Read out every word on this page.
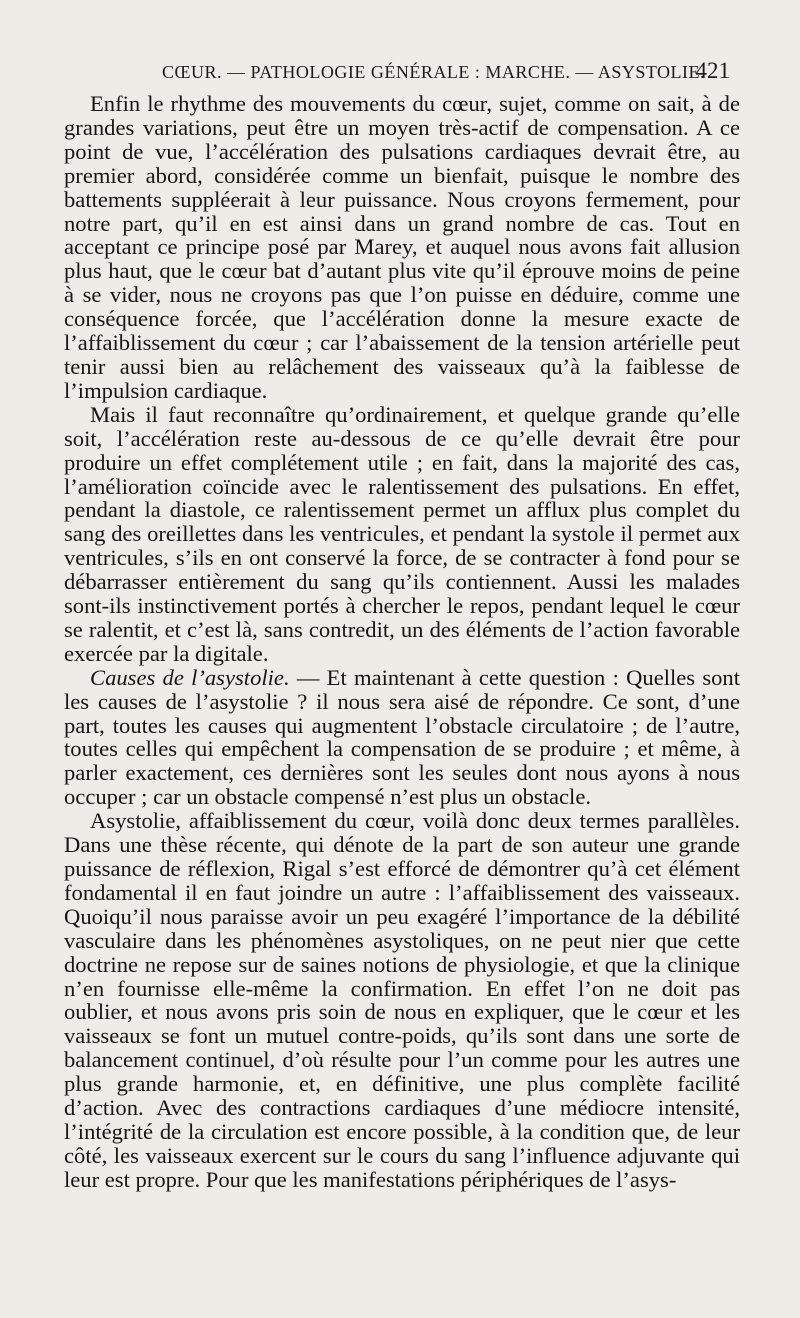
CŒUR. — PATHOLOGIE GÉNÉRALE : MARCHE. — ASYSTOLIE.
421

Enfin le rhythme des mouvements du cœur, sujet, comme on sait, à de grandes variations, peut être un moyen très-actif de compensation. A ce point de vue, l’accélération des pulsations cardiaques devrait être, au premier abord, considérée comme un bienfait, puisque le nombre des battements suppléerait à leur puissance. Nous croyons fermement, pour notre part, qu’il en est ainsi dans un grand nombre de cas. Tout en acceptant ce principe posé par Marey, et auquel nous avons fait allusion plus haut, que le cœur bat d’autant plus vite qu’il éprouve moins de peine à se vider, nous ne croyons pas que l’on puisse en déduire, comme une conséquence forcée, que l’accélération donne la mesure exacte de l’affaiblissement du cœur ; car l’abaissement de la tension artérielle peut tenir aussi bien au relâchement des vaisseaux qu’à la faiblesse de l’impulsion cardiaque.

Mais il faut reconnaître qu’ordinairement, et quelque grande qu’elle soit, l’accélération reste au-dessous de ce qu’elle devrait être pour produire un effet complétement utile ; en fait, dans la majorité des cas, l’amélioration coïncide avec le ralentissement des pulsations. En effet, pendant la diastole, ce ralentissement permet un afflux plus complet du sang des oreillettes dans les ventricules, et pendant la systole il permet aux ventricules, s’ils en ont conservé la force, de se contracter à fond pour se débarrasser entièrement du sang qu’ils contiennent. Aussi les malades sont-ils instinctivement portés à chercher le repos, pendant lequel le cœur se ralentit, et c’est là, sans contredit, un des éléments de l’action favorable exercée par la digitale.

Causes de l’asystolie. — Et maintenant à cette question : Quelles sont les causes de l’asystolie ? il nous sera aisé de répondre. Ce sont, d’une part, toutes les causes qui augmentent l’obstacle circulatoire ; de l’autre, toutes celles qui empêchent la compensation de se produire ; et même, à parler exactement, ces dernières sont les seules dont nous ayons à nous occuper ; car un obstacle compensé n’est plus un obstacle.

Asystolie, affaiblissement du cœur, voilà donc deux termes parallèles. Dans une thèse récente, qui dénote de la part de son auteur une grande puissance de réflexion, Rigal s’est efforcé de démontrer qu’à cet élément fondamental il en faut joindre un autre : l’affaiblissement des vaisseaux. Quoiqu’il nous paraisse avoir un peu exagéré l’importance de la débilité vasculaire dans les phénomènes asystoliques, on ne peut nier que cette doctrine ne repose sur de saines notions de physiologie, et que la clinique n’en fournisse elle-même la confirmation. En effet l’on ne doit pas oublier, et nous avons pris soin de nous en expliquer, que le cœur et les vaisseaux se font un mutuel contre-poids, qu’ils sont dans une sorte de balancement continuel, d’où résulte pour l’un comme pour les autres une plus grande harmonie, et, en définitive, une plus complète facilité d’action. Avec des contractions cardiaques d’une médiocre intensité, l’intégrité de la circulation est encore possible, à la condition que, de leur côté, les vaisseaux exercent sur le cours du sang l’influence adjuvante qui leur est propre. Pour que les manifestations périphériques de l’asys-
